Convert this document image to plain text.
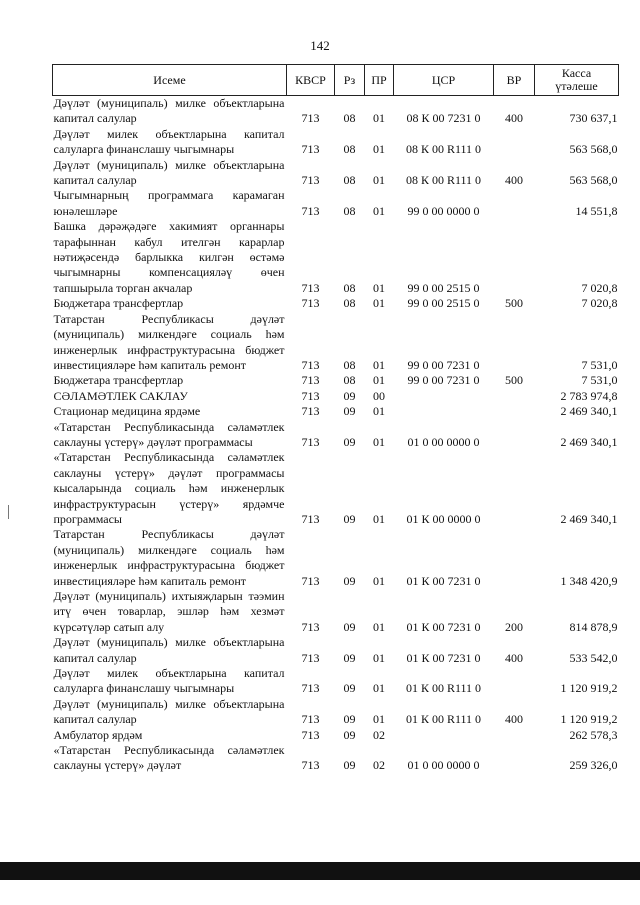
142
Исеме	КВСР	Рз	ПР	ЦСР	ВР	Касса
үтәлеше
Дәүләт (муниципаль) милке объектларына капитал салулар	713	08	01	08 К 00 7231 0	400	730 637,1
Дәүләт милек объектларына капитал салуларга финанслашу чыгымнары	713	08	01	08 К 00 R111 0		563 568,0
Дәүләт (муниципаль) милке объектларына капитал салулар	713	08	01	08 К 00 R111 0	400	563 568,0
Чыгымнарның программага карамаган юнәлешләре	713	08	01	99 0 00 0000 0		14 551,8
Башка дәрәҗәдәге хакимият органнары тарафыннан кабул ителгән карарлар нәтиҗәсендә барлыкка килгән өстәмә чыгымнарны компенсацияләү өчен тапшырыла торган акчалар	713	08	01	99 0 00 2515 0		7 020,8
Бюджетара трансфертлар	713	08	01	99 0 00 2515 0	500	7 020,8
Татарстан Республикасы дәүләт (муниципаль) милкендәге социаль һәм инженерлык инфраструктурасына бюджет инвестицияләре һәм капиталь ремонт	713	08	01	99 0 00 7231 0		7 531,0
Бюджетара трансфертлар	713	08	01	99 0 00 7231 0	500	7 531,0
СӘЛАМӘТЛЕК САКЛАУ	713	09	00			2 783 974,8
Стационар медицина ярдәме	713	09	01			2 469 340,1
«Татарстан Республикасында сәламәтлек саклауны үстерү» дәүләт программасы	713	09	01	01 0 00 0000 0		2 469 340,1
«Татарстан Республикасында сәламәтлек саклауны үстерү» дәүләт программасы кысаларында социаль һәм инженерлык инфраструктурасын үстерү» ярдәмче программасы	713	09	01	01 К 00 0000 0		2 469 340,1
Татарстан Республикасы дәүләт (муниципаль) милкендәге социаль һәм инженерлык инфраструктурасына бюджет инвестицияләре һәм капиталь ремонт	713	09	01	01 К 00 7231 0		1 348 420,9
Дәүләт (муниципаль) ихтыяҗларын тәэмин итү өчен товарлар, эшләр һәм хезмәт күрсәтүләр сатып алу	713	09	01	01 К 00 7231 0	200	814 878,9
Дәүләт (муниципаль) милке объектларына капитал салулар	713	09	01	01 К 00 7231 0	400	533 542,0
Дәүләт милек объектларына капитал салуларга финанслашу чыгымнары	713	09	01	01 К 00 R111 0		1 120 919,2
Дәүләт (муниципаль) милке объектларына капитал салулар	713	09	01	01 К 00 R111 0	400	1 120 919,2
Амбулатор ярдәм	713	09	02			262 578,3
«Татарстан Республикасында сәламәтлек саклауны үстерү» дәүләт	713	09	02	01 0 00 0000 0		259 326,0
